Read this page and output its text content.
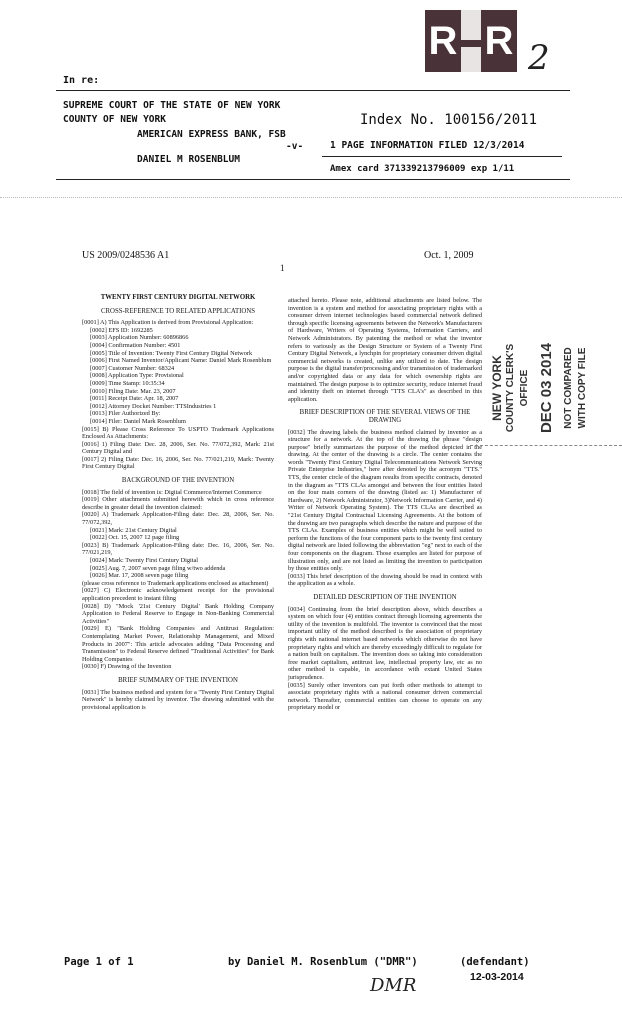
R R 2
In re:
SUPREME COURT OF THE STATE OF NEW YORK
COUNTY OF NEW YORK
AMERICAN EXPRESS BANK, FSB
-v-
DANIEL M ROSENBLUM
Index No. 100156/2011
1 PAGE INFORMATION FILED 12/3/2014
Amex card 371339213796009 exp 1/11
US 2009/0248536 A1	Oct. 1, 2009
1

TWENTY FIRST CENTURY DIGITAL NETWORK

CROSS-REFERENCE TO RELATED APPLICATIONS

[0001] A) This Application is derived from Provisional Application:

[0002] EFS ID: 1692285

[0003] Application Number: 60896866

[0004] Confirmation Number: 4501

[0005] Title of Invention: Twenty First Century Digital Network

[0006] First Named Inventor/Applicant Name: Daniel Mark Rosenblum

[0007] Customer Number: 68324

[0008] Application Type: Provisional

[0009] Time Stamp: 10:35:34

[0010] Filing Date: Mar. 23, 2007

[0011] Receipt Date: Apr. 18, 2007

[0012] Attorney Docket Number: TTSIndustries 1

[0013] Filer Authorized By:

[0014] Filer: Daniel Mark Rosenblum

[0015] B) Please Cross Reference To USPTO Trademark Applications Enclosed As Attachments:

[0016] 1) Filing Date: Dec. 28, 2006, Ser. No. 77/072,392, Mark: 21st Century Digital and

[0017] 2) Filing Date: Dec. 16, 2006, Ser. No. 77/021,219, Mark: Twenty First Century Digital

BACKGROUND OF THE INVENTION

[0018] The field of invention is: Digital Commerce/Internet Commerce

[0019] Other attachments submitted herewith which in cross reference describe in greater detail the invention claimed:

[0020] A) Trademark Application-Filing date: Dec. 28, 2006, Ser. No. 77/072,392,

[0021] Mark: 21st Century Digital

[0022] Oct. 15, 2007 12 page filing

[0023] B) Trademark Application-Filing date: Dec. 16, 2006, Ser. No. 77/021,219,

[0024] Mark: Twenty First Century Digital

[0025] Aug. 7, 2007 seven page filing w/two addenda

[0026] Mar. 17, 2008 seven page filing

(please cross reference to Trademark applications enclosed as attachment)

[0027] C) Electronic acknowledgement receipt for the provisional application precedent to instant filing

[0028] D) "Mock '21st Century Digital' Bank Holding Company Application to Federal Reserve to Engage in Non-Banking Commercial Activities"

[0029] E) "Bank Holding Companies and Antitrust Regulation: Contemplating Market Power, Relationship Management, and Mixed Products in 2007": This article advocates adding "Data Processing and Transmission" to Federal Reserve defined "Traditional Activities" for Bank Holding Companies

[0030] F) Drawing of the Invention

BRIEF SUMMARY OF THE INVENTION

[0031] The business method and system for a "Twenty First Century Digital Network" is hereby claimed by inventor. The drawing submitted with the provisional application is

attached hereto. Please note, additional attachments are listed below. The invention is a system and method for associating proprietary rights with a consumer driven internet technologies based commercial network defined through specific licensing agreements between the Network's Manufacturers of Hardware, Writers of Operating Systems, Information Carriers, and Network Administrators. By patenting the method or what the inventor refers to variously as the Design Structure or System of a Twenty First Century Digital Network, a lynchpin for proprietary consumer driven digital commercial networks is created, unlike any utilized to date. The design purpose is the digital transfer/processing and/or transmission of trademarked and/or copyrighted data or any data for which ownership rights are maintained. The design purpose is to optimize security, reduce internet fraud and identity theft on internet through "TTS CLA's" as described in this application.

BRIEF DESCRIPTION OF THE SEVERAL VIEWS OF THE DRAWING

[0032] The drawing labels the business method claimed by inventor as a structure for a network. At the top of the drawing the phrase "design purpose" briefly summarizes the purpose of the method depicted in the drawing. At the center of the drawing is a circle. The center contains the words "Twenty First Century Digital Telecommunications Network Serving Private Enterprise Industries," here after denoted by the acronym "TTS." TTS, the center circle of the diagram results from specific contracts, denoted in the diagram as "TTS CLAs amongst and between the four entities listed on the four main corners of the drawing (listed as: 1) Manufacturer of Hardware, 2) Network Administrator, 3)Network Information Carrier, and 4) Writer of Network Operating System). The TTS CLAs are described as "21st Century Digital Contractual Licensing Agreements. At the bottom of the drawing are two paragraphs which describe the nature and purpose of the TTS CLAs. Examples of business entities which might be well suited to perform the functions of the four component parts to the twenty first century digital network are listed following the abbreviation "eg" next to each of the four components on the diagram. Those examples are listed for purpose of illustration only, and are not listed as limiting the invention to participation by those entities only.

[0033] This brief description of the drawing should be read in context with the application as a whole.

DETAILED DESCRIPTION OF THE INVENTION

[0034] Continuing from the brief description above, which describes a system on which four (4) entities contract through licensing agreements the utility of the invention is multifold. The inventor is convinced that the most important utility of the method described is the association of proprietary rights with national internet based networks which otherwise do not have proprietary rights and which are thereby exceedingly difficult to regulate for a nation built on capitalism. The invention does so taking into consideration free market capitalism, antitrust law, intellectual property law, etc as no other method is capable, in accordance with extant United States jurisprudence.

[0035] Surely other inventors can put forth other methods to attempt to associate proprietary rights with a national consumer driven commercial network. Thereafter, commercial entities can choose to operate on any proprietary model or

NEW YORK COUNTY CLERK'S OFFICE DEC 03 2014 NOT COMPARED WITH COPY FILE
Page 1 of 1	by Daniel M. Rosenblum ("DMR")	(defendant)
12-03-2014
DMR
